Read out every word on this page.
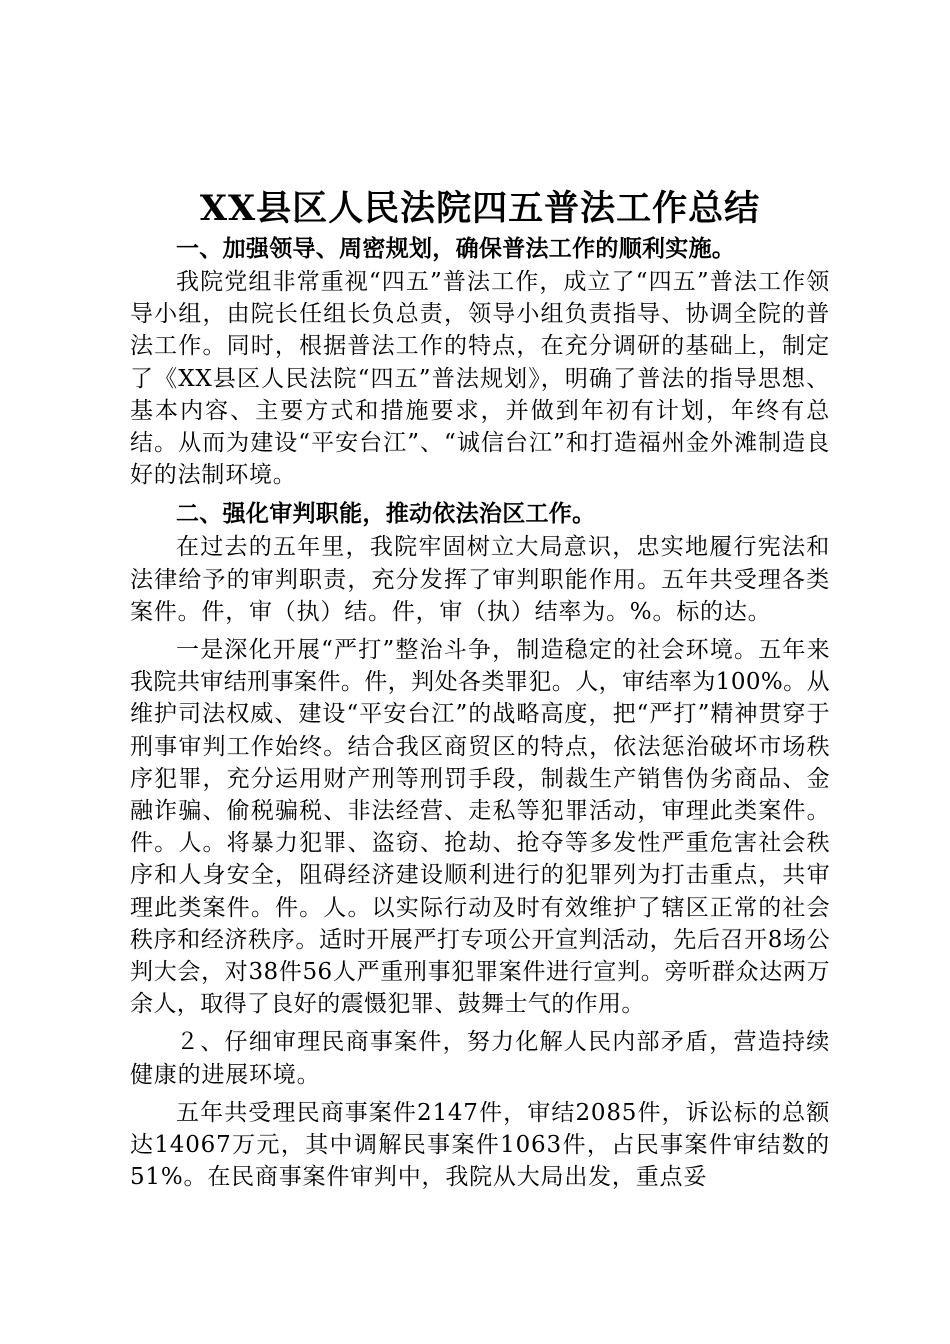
XX县区人民法院四五普法工作总结

一、加强领导、周密规划，确保普法工作的顺利实施。

我院党组非常重视“四五”普法工作，成立了“四五”普法工作领导小组，由院长任组长负总责，领导小组负责指导、协调全院的普法工作。同时，根据普法工作的特点，在充分调研的基础上，制定了《XX县区人民法院“四五”普法规划》，明确了普法的指导思想、基本内容、主要方式和措施要求，并做到年初有计划，年终有总结。从而为建设“平安台江”、“诚信台江”和打造福州金外滩制造良好的法制环境。

二、强化审判职能，推动依法治区工作。

在过去的五年里，我院牢固树立大局意识，忠实地履行宪法和法律给予的审判职责，充分发挥了审判职能作用。五年共受理各类案件。件，审（执）结。件，审（执）结率为。%。标的达。

一是深化开展“严打”整治斗争，制造稳定的社会环境。五年来我院共审结刑事案件。件，判处各类罪犯。人，审结率为100%。从维护司法权威、建设“平安台江”的战略高度，把“严打”精神贯穿于刑事审判工作始终。结合我区商贸区的特点，依法惩治破坏市场秩序犯罪，充分运用财产刑等刑罚手段，制裁生产销售伪劣商品、金融诈骗、偷税骗税、非法经营、走私等犯罪活动，审理此类案件。件。人。将暴力犯罪、盗窃、抢劫、抢夺等多发性严重危害社会秩序和人身安全，阻碍经济建设顺利进行的犯罪列为打击重点，共审理此类案件。件。人。以实际行动及时有效维护了辖区正常的社会秩序和经济秩序。适时开展严打专项公开宣判活动，先后召开8场公判大会，对38件56人严重刑事犯罪案件进行宣判。旁听群众达两万余人，取得了良好的震慑犯罪、鼓舞士气的作用。

２、仔细审理民商事案件，努力化解人民内部矛盾，营造持续健康的进展环境。

五年共受理民商事案件2147件，审结2085件，诉讼标的总额达14067万元，其中调解民事案件1063件，占民事案件审结数的51%。在民商事案件审判中，我院从大局出发，重点妥
